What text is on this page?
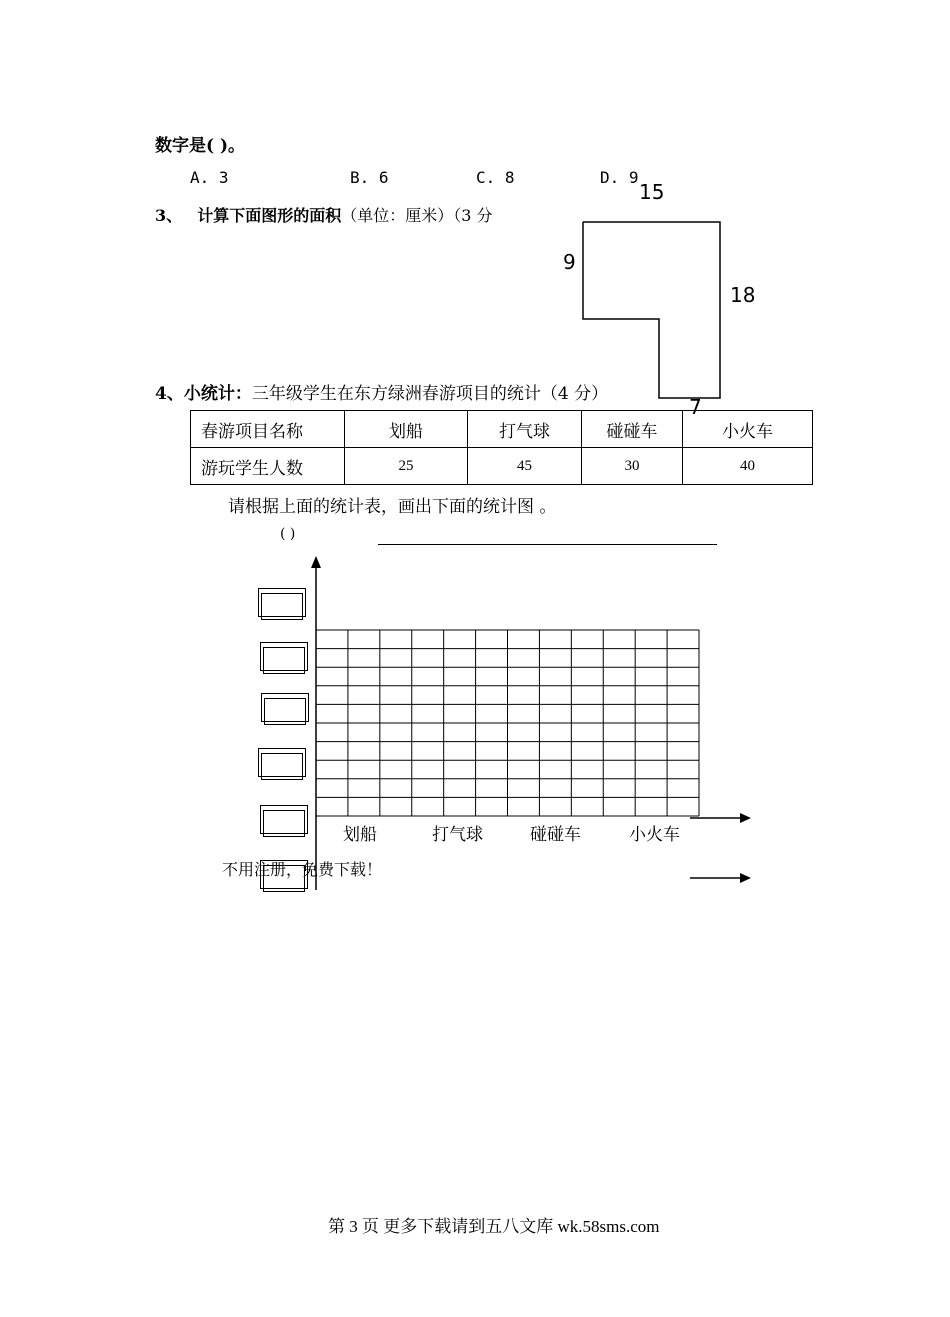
数字是( )。
A. 3	B. 6	C. 8	D. 9
3、 计算下面图形的面积（单位：厘米）（3 分
15
9
18
7
4、小统计：三年级学生在东方绿洲春游项目的统计（4 分）
春游项目名称	划船	打气球	碰碰车	小火车
游玩学生人数	25	45	30	40
请根据上面的统计表，画出下面的统计图 。
( )
划船	打气球	碰碰车	小火车
不用注册，免费下载！
第 3 页 更多下载请到五八文库 wk.58sms.com
